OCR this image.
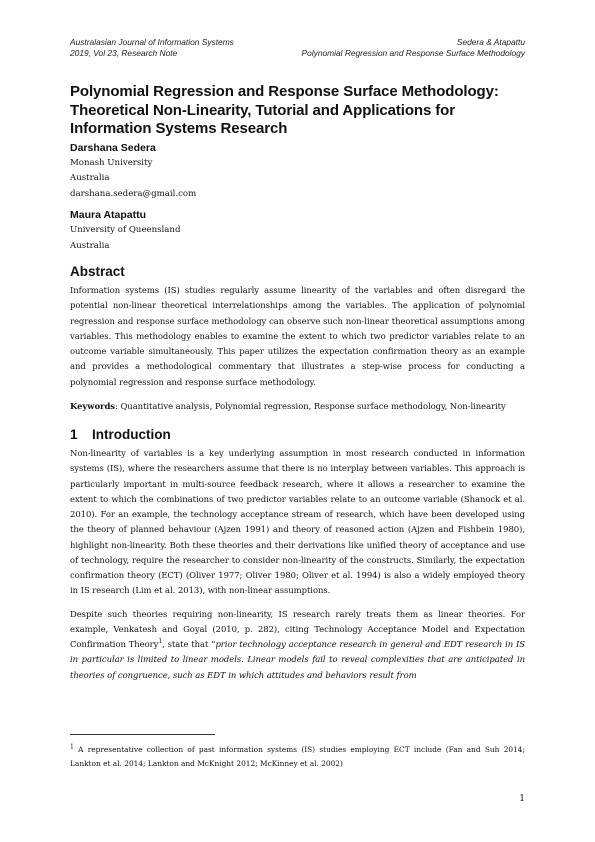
Australasian Journal of Information Systems
2019, Vol 23, Research Note
Sedera & Atapattu
Polynomial Regression and Response Surface Methodology
Polynomial Regression and Response Surface Methodology: Theoretical Non-Linearity, Tutorial and Applications for Information Systems Research
Darshana Sedera
Monash University
Australia
darshana.sedera@gmail.com
Maura Atapattu
University of Queensland
Australia
Abstract

Information systems (IS) studies regularly assume linearity of the variables and often disregard the potential non-linear theoretical interrelationships among the variables. The application of polynomial regression and response surface methodology can observe such non-linear theoretical assumptions among variables. This methodology enables to examine the extent to which two predictor variables relate to an outcome variable simultaneously. This paper utilizes the expectation confirmation theory as an example and provides a methodological commentary that illustrates a step-wise process for conducting a polynomial regression and response surface methodology.

Keywords: Quantitative analysis, Polynomial regression, Response surface methodology, Non-linearity

1 Introduction

Non-linearity of variables is a key underlying assumption in most research conducted in information systems (IS), where the researchers assume that there is no interplay between variables. This approach is particularly important in multi-source feedback research, where it allows a researcher to examine the extent to which the combinations of two predictor variables relate to an outcome variable (Shanock et al. 2010). For an example, the technology acceptance stream of research, which have been developed using the theory of planned behaviour (Ajzen 1991) and theory of reasoned action (Ajzen and Fishbein 1980), highlight non-linearity. Both these theories and their derivations like unified theory of acceptance and use of technology, require the researcher to consider non-linearity of the constructs. Similarly, the expectation confirmation theory (ECT) (Oliver 1977; Oliver 1980; Oliver et al. 1994) is also a widely employed theory in IS research (Lim et al. 2013), with non-linear assumptions.

Despite such theories requiring non-linearity, IS research rarely treats them as linear theories. For example, Venkatesh and Goyal (2010, p. 282), citing Technology Acceptance Model and Expectation Confirmation Theory$^1$, state that “prior technology acceptance research in general and EDT research in IS in particular is limited to linear models. Linear models fail to reveal complexities that are anticipated in theories of congruence, such as EDT in which attitudes and behaviors result from

$^1$ A representative collection of past information systems (IS) studies employing ECT include (Fan and Suh 2014; Lankton et al. 2014; Lankton and McKnight 2012; McKinney et al. 2002)
1
